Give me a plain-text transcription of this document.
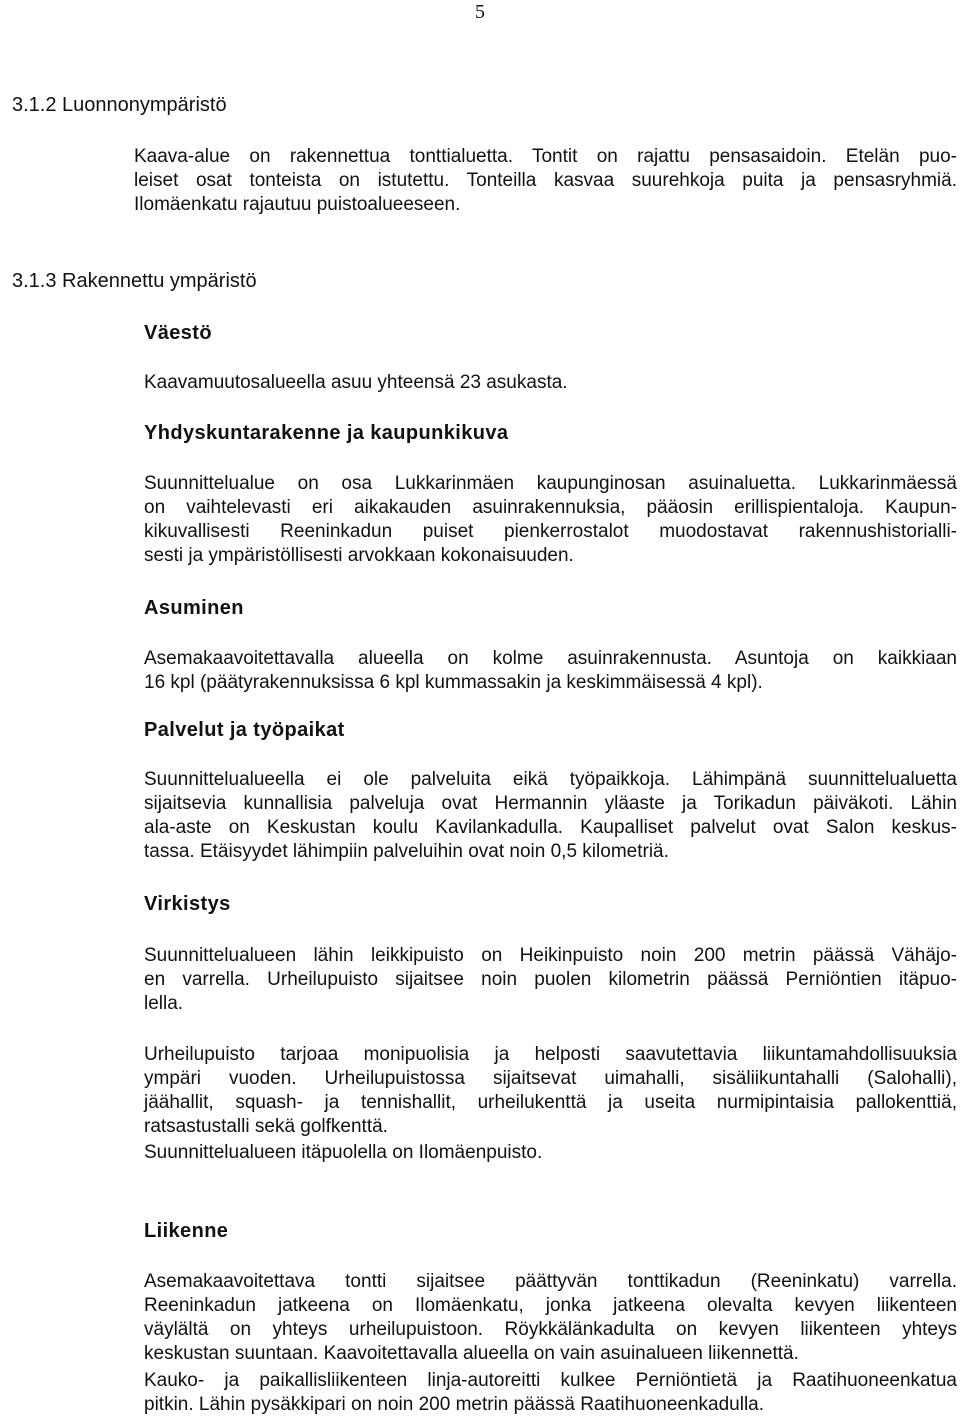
5
3.1.2 Luonnonympäristö
Kaava-alue on rakennettua tonttialuetta. Tontit on rajattu pensasaidoin. Etelän puo-
leiset osat tonteista on istutettu. Tonteilla kasvaa suurehkoja puita ja pensasryhmiä.
Ilomäenkatu rajautuu puistoalueeseen.
3.1.3 Rakennettu ympäristö
Väestö
Kaavamuutosalueella asuu yhteensä 23 asukasta.
Yhdyskuntarakenne ja kaupunkikuva
Suunnittelualue on osa Lukkarinmäen kaupunginosan asuinaluetta. Lukkarinmäessä
on vaihtelevasti eri aikakauden asuinrakennuksia, pääosin erillispientaloja. Kaupun-
kikuvallisesti Reeninkadun puiset pienkerrostalot muodostavat rakennushistorialli-
sesti ja ympäristöllisesti arvokkaan kokonaisuuden.
Asuminen
Asemakaavoitettavalla alueella on kolme asuinrakennusta. Asuntoja on kaikkiaan
16 kpl (päätyrakennuksissa 6 kpl kummassakin ja keskimmäisessä 4 kpl).
Palvelut ja työpaikat
Suunnittelualueella ei ole palveluita eikä työpaikkoja. Lähimpänä suunnittelualuetta
sijaitsevia kunnallisia palveluja ovat Hermannin yläaste ja Torikadun päiväkoti. Lähin
ala-aste on Keskustan koulu Kavilankadulla. Kaupalliset palvelut ovat Salon keskus-
tassa. Etäisyydet lähimpiin palveluihin ovat noin 0,5 kilometriä.
Virkistys
Suunnittelualueen lähin leikkipuisto on Heikinpuisto noin 200 metrin päässä Vähäjo-
en varrella. Urheilupuisto sijaitsee noin puolen kilometrin päässä Perniöntien itäpuo-
lella.
Urheilupuisto tarjoaa monipuolisia ja helposti saavutettavia liikuntamahdollisuuksia
ympäri vuoden. Urheilupuistossa sijaitsevat uimahalli, sisäliikuntahalli (Salohalli),
jäähallit, squash- ja tennishallit, urheilukenttä ja useita nurmipintaisia pallokenttiä,
ratsastustalli sekä golfkenttä.
Suunnittelualueen itäpuolella on Ilomäenpuisto.
Liikenne
Asemakaavoitettava tontti sijaitsee päättyvän tonttikadun (Reeninkatu) varrella.
Reeninkadun jatkeena on Ilomäenkatu, jonka jatkeena olevalta kevyen liikenteen
väylältä on yhteys urheilupuistoon. Röykkälänkadulta on kevyen liikenteen yhteys
keskustan suuntaan. Kaavoitettavalla alueella on vain asuinalueen liikennettä.
Kauko- ja paikallisliikenteen linja-autoreitti kulkee Perniöntietä ja Raatihuoneenkatua
pitkin. Lähin pysäkkipari on noin 200 metrin päässä Raatihuoneenkadulla.
